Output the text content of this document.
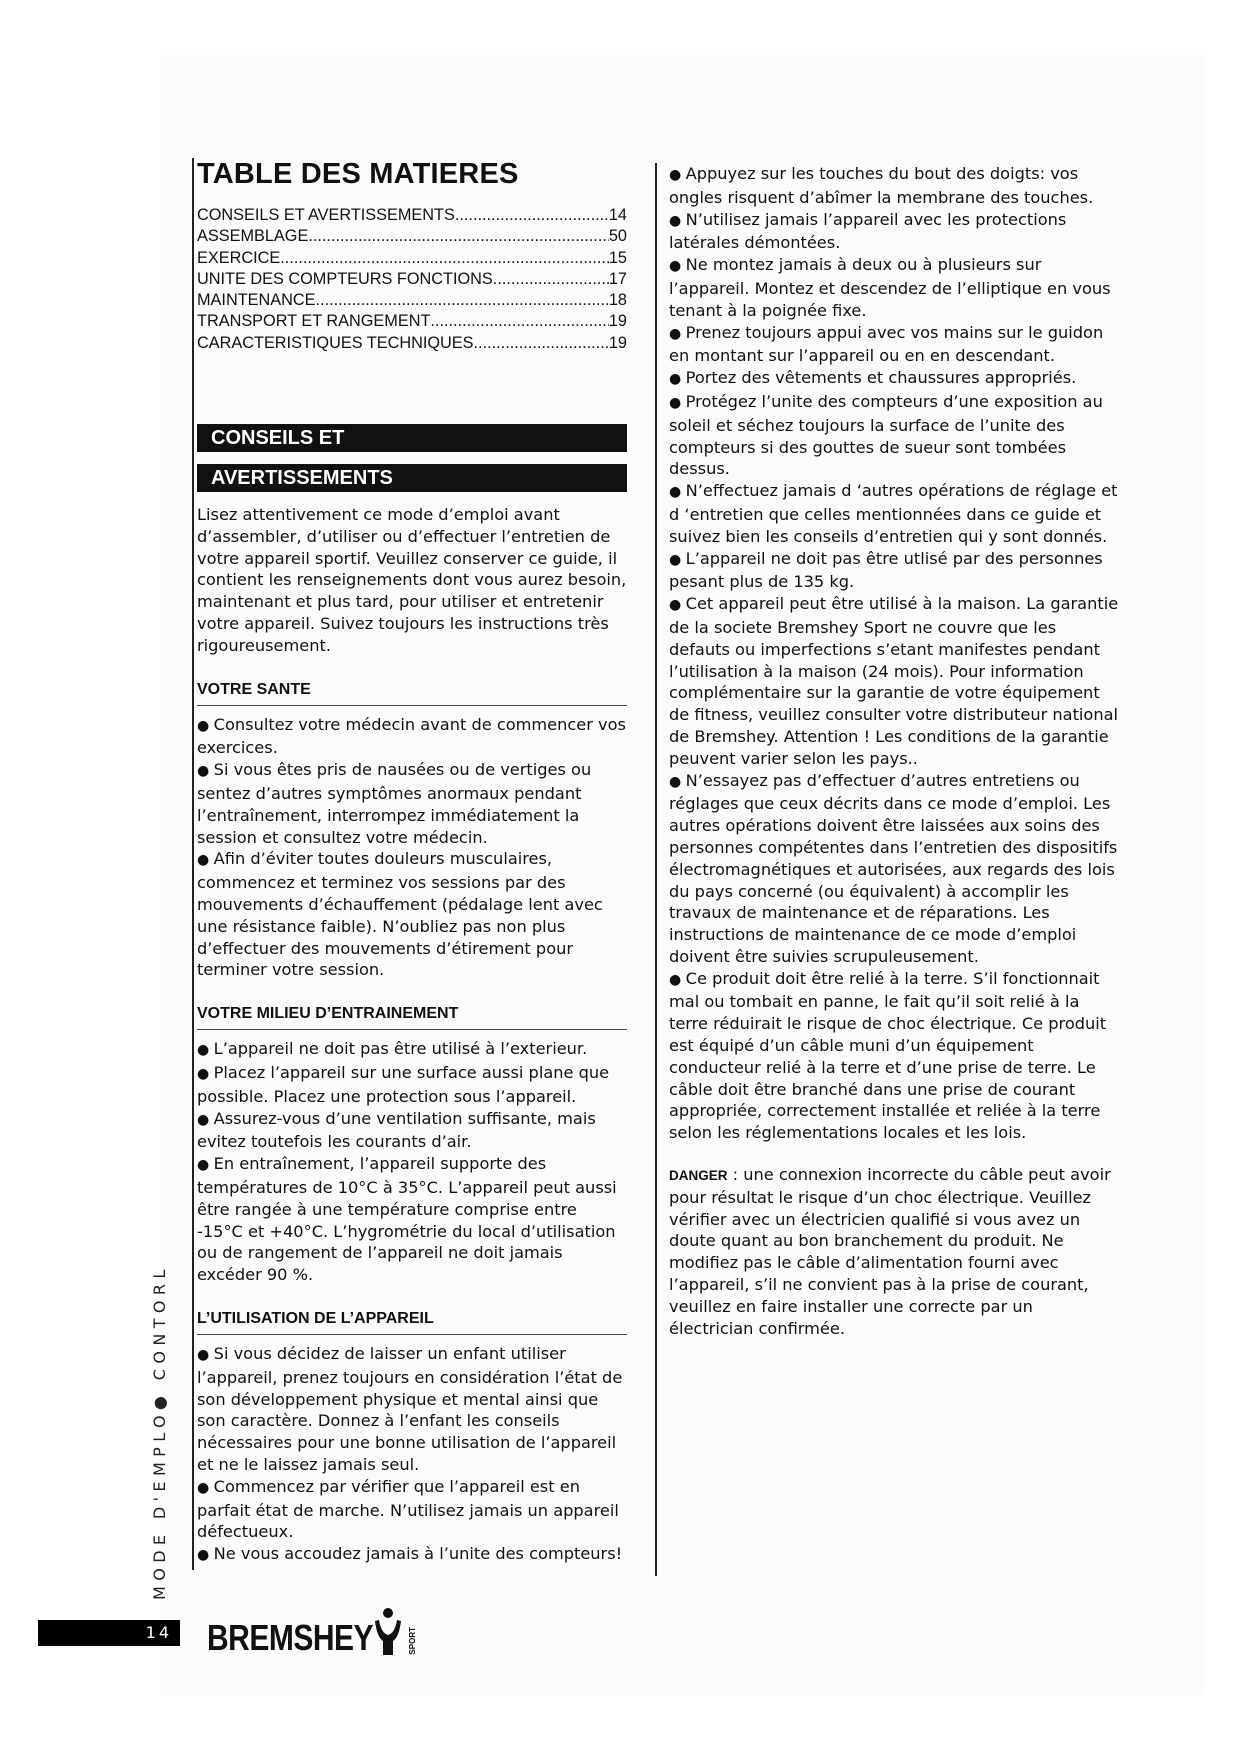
TABLE DES MATIERES
CONSEILS ET AVERTISSEMENTS .....	14
ASSEMBLAGE .....	50
EXERCICE .....	15
UNITE DES COMPTEURS FONCTIONS .....	17
MAINTENANCE .....	18
TRANSPORT ET RANGEMENT .....	19
CARACTERISTIQUES TECHNIQUES .....	19
CONSEILS ET
AVERTISSEMENTS

Lisez attentivement ce mode d’emploi avant d’assembler, d’utiliser ou d’effectuer l’entretien de votre appareil sportif. Veuillez conserver ce guide, il contient les renseignements dont vous aurez besoin, maintenant et plus tard, pour utiliser et entretenir votre appareil. Suivez toujours les instructions très rigoureusement.

VOTRE SANTE

● Consultez votre médecin avant de commencer vos exercices.

● Si vous êtes pris de nausées ou de vertiges ou sentez d’autres symptômes anormaux pendant l’entraînement, interrompez immédiatement la session et consultez votre médecin.

● Afin d’éviter toutes douleurs musculaires, commencez et terminez vos sessions par des mouvements d’échauffement (pédalage lent avec une résistance faible). N’oubliez pas non plus d’effectuer des mouvements d’étirement pour terminer votre session.

VOTRE MILIEU D’ENTRAINEMENT

● L’appareil ne doit pas être utilisé à l’exterieur.

● Placez l’appareil sur une surface aussi plane que possible. Placez une protection sous l’appareil.

● Assurez-vous d’une ventilation suffisante, mais evitez toutefois les courants d’air.

● En entraînement, l’appareil supporte des températures de 10°C à 35°C. L’appareil peut aussi être rangée à une température comprise entre -15°C et +40°C. L’hygrométrie du local d’utilisation ou de rangement de l’appareil ne doit jamais excéder 90 %.

L’UTILISATION DE L’APPAREIL

● Si vous décidez de laisser un enfant utiliser l’appareil, prenez toujours en considération l’état de son développement physique et mental ainsi que son caractère. Donnez à l’enfant les conseils nécessaires pour une bonne utilisation de l’appareil et ne le laissez jamais seul.

● Commencez par vérifier que l’appareil est en parfait état de marche. N’utilisez jamais un appareil défectueux.

● Ne vous accoudez jamais à l’unite des compteurs!

● Appuyez sur les touches du bout des doigts: vos ongles risquent d’abîmer la membrane des touches.

● N’utilisez jamais l’appareil avec les protections latérales démontées.

● Ne montez jamais à deux ou à plusieurs sur l’appareil. Montez et descendez de l’elliptique en vous tenant à la poignée fixe.

● Prenez toujours appui avec vos mains sur le guidon en montant sur l’appareil ou en en descendant.

● Portez des vêtements et chaussures appropriés.

● Protégez l’unite des compteurs d’une exposition au soleil et séchez toujours la surface de l’unite des compteurs si des gouttes de sueur sont tombées dessus.

● N’effectuez jamais d ‘autres opérations de réglage et d ‘entretien que celles mentionnées dans ce guide et suivez bien les conseils d’entretien qui y sont donnés.

● L’appareil ne doit pas être utlisé par des personnes pesant plus de 135 kg.

● Cet appareil peut être utilisé à la maison. La garantie de la societe Bremshey Sport ne couvre que les defauts ou imperfections s’etant manifestes pendant l’utilisation à la maison (24 mois). Pour information complémentaire sur la garantie de votre équipement de fitness, veuillez consulter votre distributeur national de Bremshey. Attention ! Les conditions de la garantie peuvent varier selon les pays..

● N’essayez pas d’effectuer d’autres entretiens ou réglages que ceux décrits dans ce mode d’emploi. Les autres opérations doivent être laissées aux soins des personnes compétentes dans l’entretien des dispositifs électromagnétiques et autorisées, aux regards des lois du pays concerné (ou équivalent) à accomplir les travaux de maintenance et de réparations. Les instructions de maintenance de ce mode d’emploi doivent être suivies scrupuleusement.

● Ce produit doit être relié à la terre. S’il fonctionnait mal ou tombait en panne, le fait qu’il soit relié à la terre réduirait le risque de choc électrique. Ce produit est équipé d’un câble muni d’un équipement conducteur relié à la terre et d’une prise de terre. Le câble doit être branché dans une prise de courant appropriée, correctement installée et reliée à la terre selon les réglementations locales et les lois.

DANGER : une connexion incorrecte du câble peut avoir pour résultat le risque d’un choc électrique. Veuillez vérifier avec un électricien qualifié si vous avez un doute quant au bon branchement du produit. Ne modifiez pas le câble d’alimentation fourni avec l’appareil, s’il ne convient pas à la prise de courant, veuillez en faire installer une correcte par un électrician confirmée.

MODE D'EMPLO● CONTORL
14 BREMSHEY	SPORT
